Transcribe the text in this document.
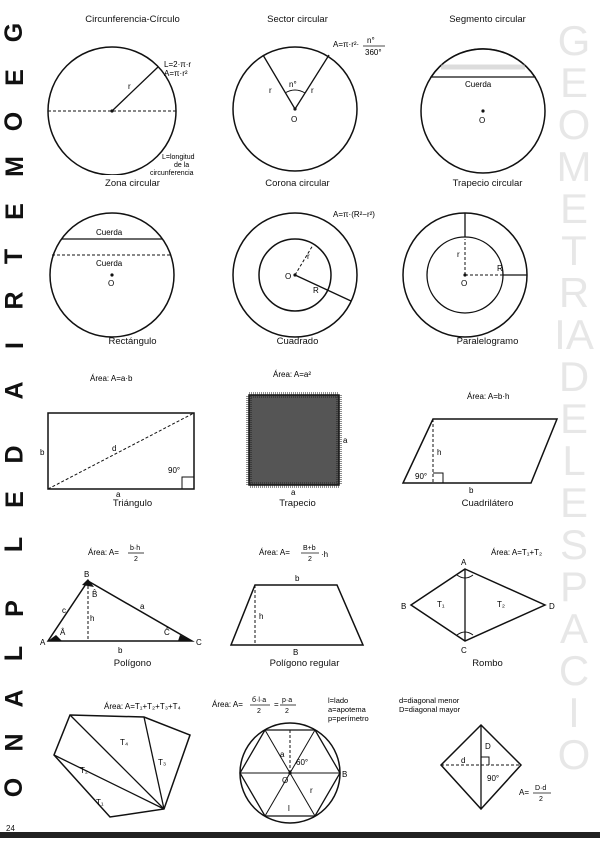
G
E
O
M
E
T
R
I
A
D
E
L
P
L
A
N
O
GEOMETRIA DEL ESPACIO
Circunferencia-Círculo
r
L=2·π·r
A=π·r²
L=longitud
de la
circunferencia
Sector circular
n°
r	r
O
A=π·r²· n°
360°
Segmento circular
Cuerda
O
Zona circular
Cuerda
Cuerda
O
Corona circular
r
R
O
A=π·(R²−r²)
Trapecio circular
r
R
O
Rectángulo
Área: A=a·b
b	d
a
90°
Cuadrado
Área: A=a²
a
a
Paralelogramo
Área: A=b·h
h
90°
b
Triángulo
Área: A= b·h
2
B
A	C
c	a
b
h
Â
B̂
Ĉ
Trapecio
Área: A= B+b
2
·h
b
B
h
Cuadrilátero
Área: A=T₁+T₂
A
B
C
D
T₁	T₂
Polígono
Área: A=T₁+T₂+T₃+T₄
T₄
T₃
T₂
T₁
Polígono regular
Área: A= б·l·a
2
= p·a
2
l=lado
a=apotema
p=perímetro
a
60°
O
r
l
B
Rombo
d=diagonal menor
D=diagonal mayor
D
d
90°
A= D·d
2
24
